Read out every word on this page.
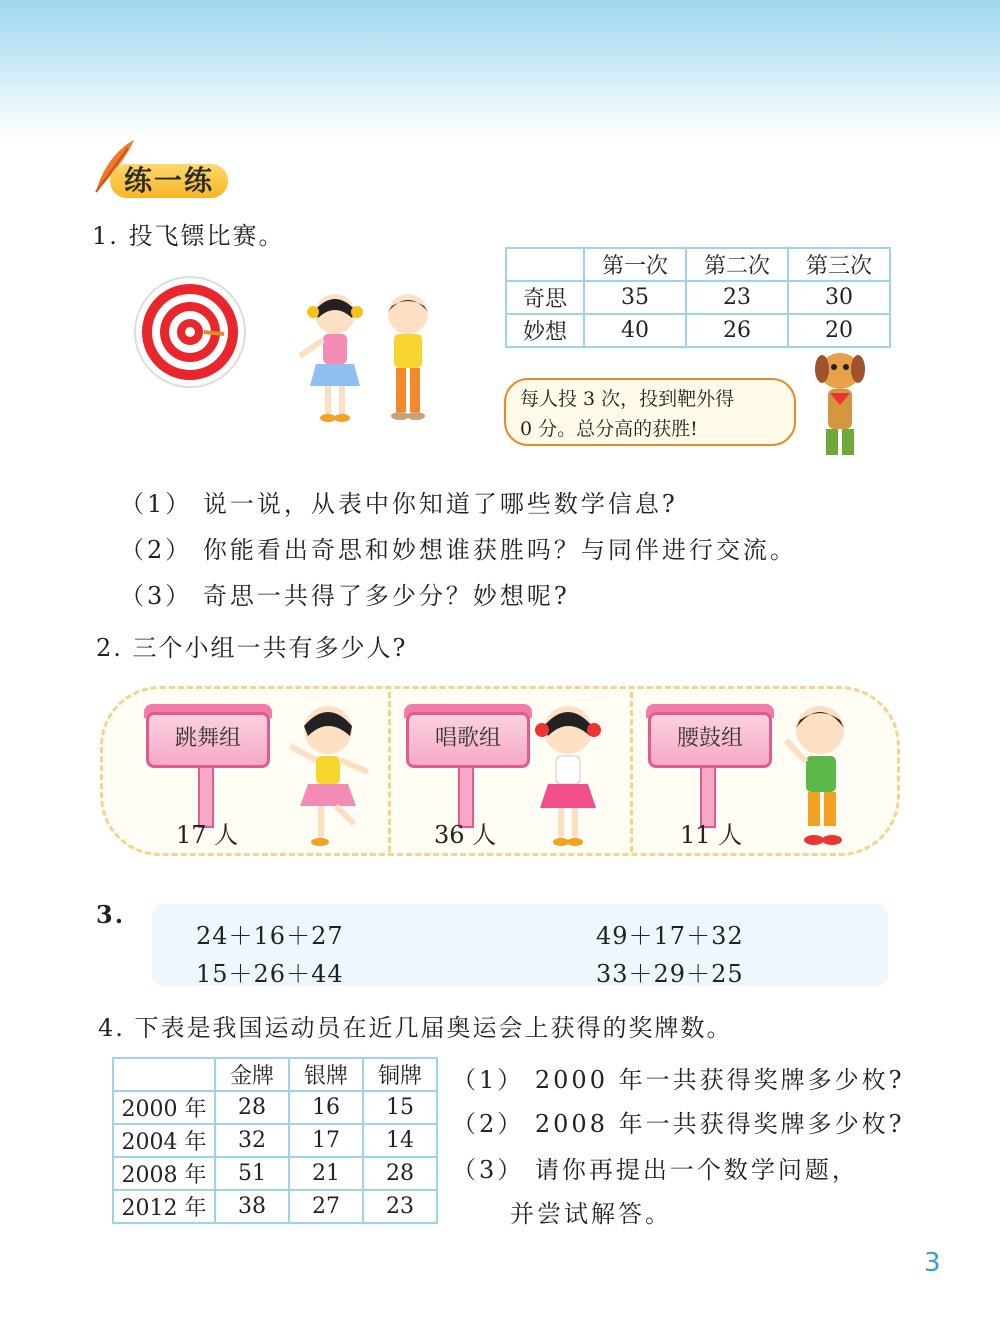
练一练
1. 投飞镖比赛。
	第一次	第二次	第三次
奇思	35	23	30
妙想	40	26	20
每人投 3 次，投到靶外得
0 分。总分高的获胜!
（1） 说一说，从表中你知道了哪些数学信息?
（2） 你能看出奇思和妙想谁获胜吗？与同伴进行交流。
（3） 奇思一共得了多少分？妙想呢?
2. 三个小组一共有多少人?
跳舞组
17 人
唱歌组
36 人
腰鼓组
11 人
3.
24＋16＋27
15＋26＋44
49＋17＋32
33＋29＋25
4. 下表是我国运动员在近几届奥运会上获得的奖牌数。
	金牌	银牌	铜牌
2000 年	28	16	15
2004 年	32	17	14
2008 年	51	21	28
2012 年	38	27	23
（1） 2000 年一共获得奖牌多少枚?
（2） 2008 年一共获得奖牌多少枚?
（3） 请你再提出一个数学问题，
并尝试解答。
3
